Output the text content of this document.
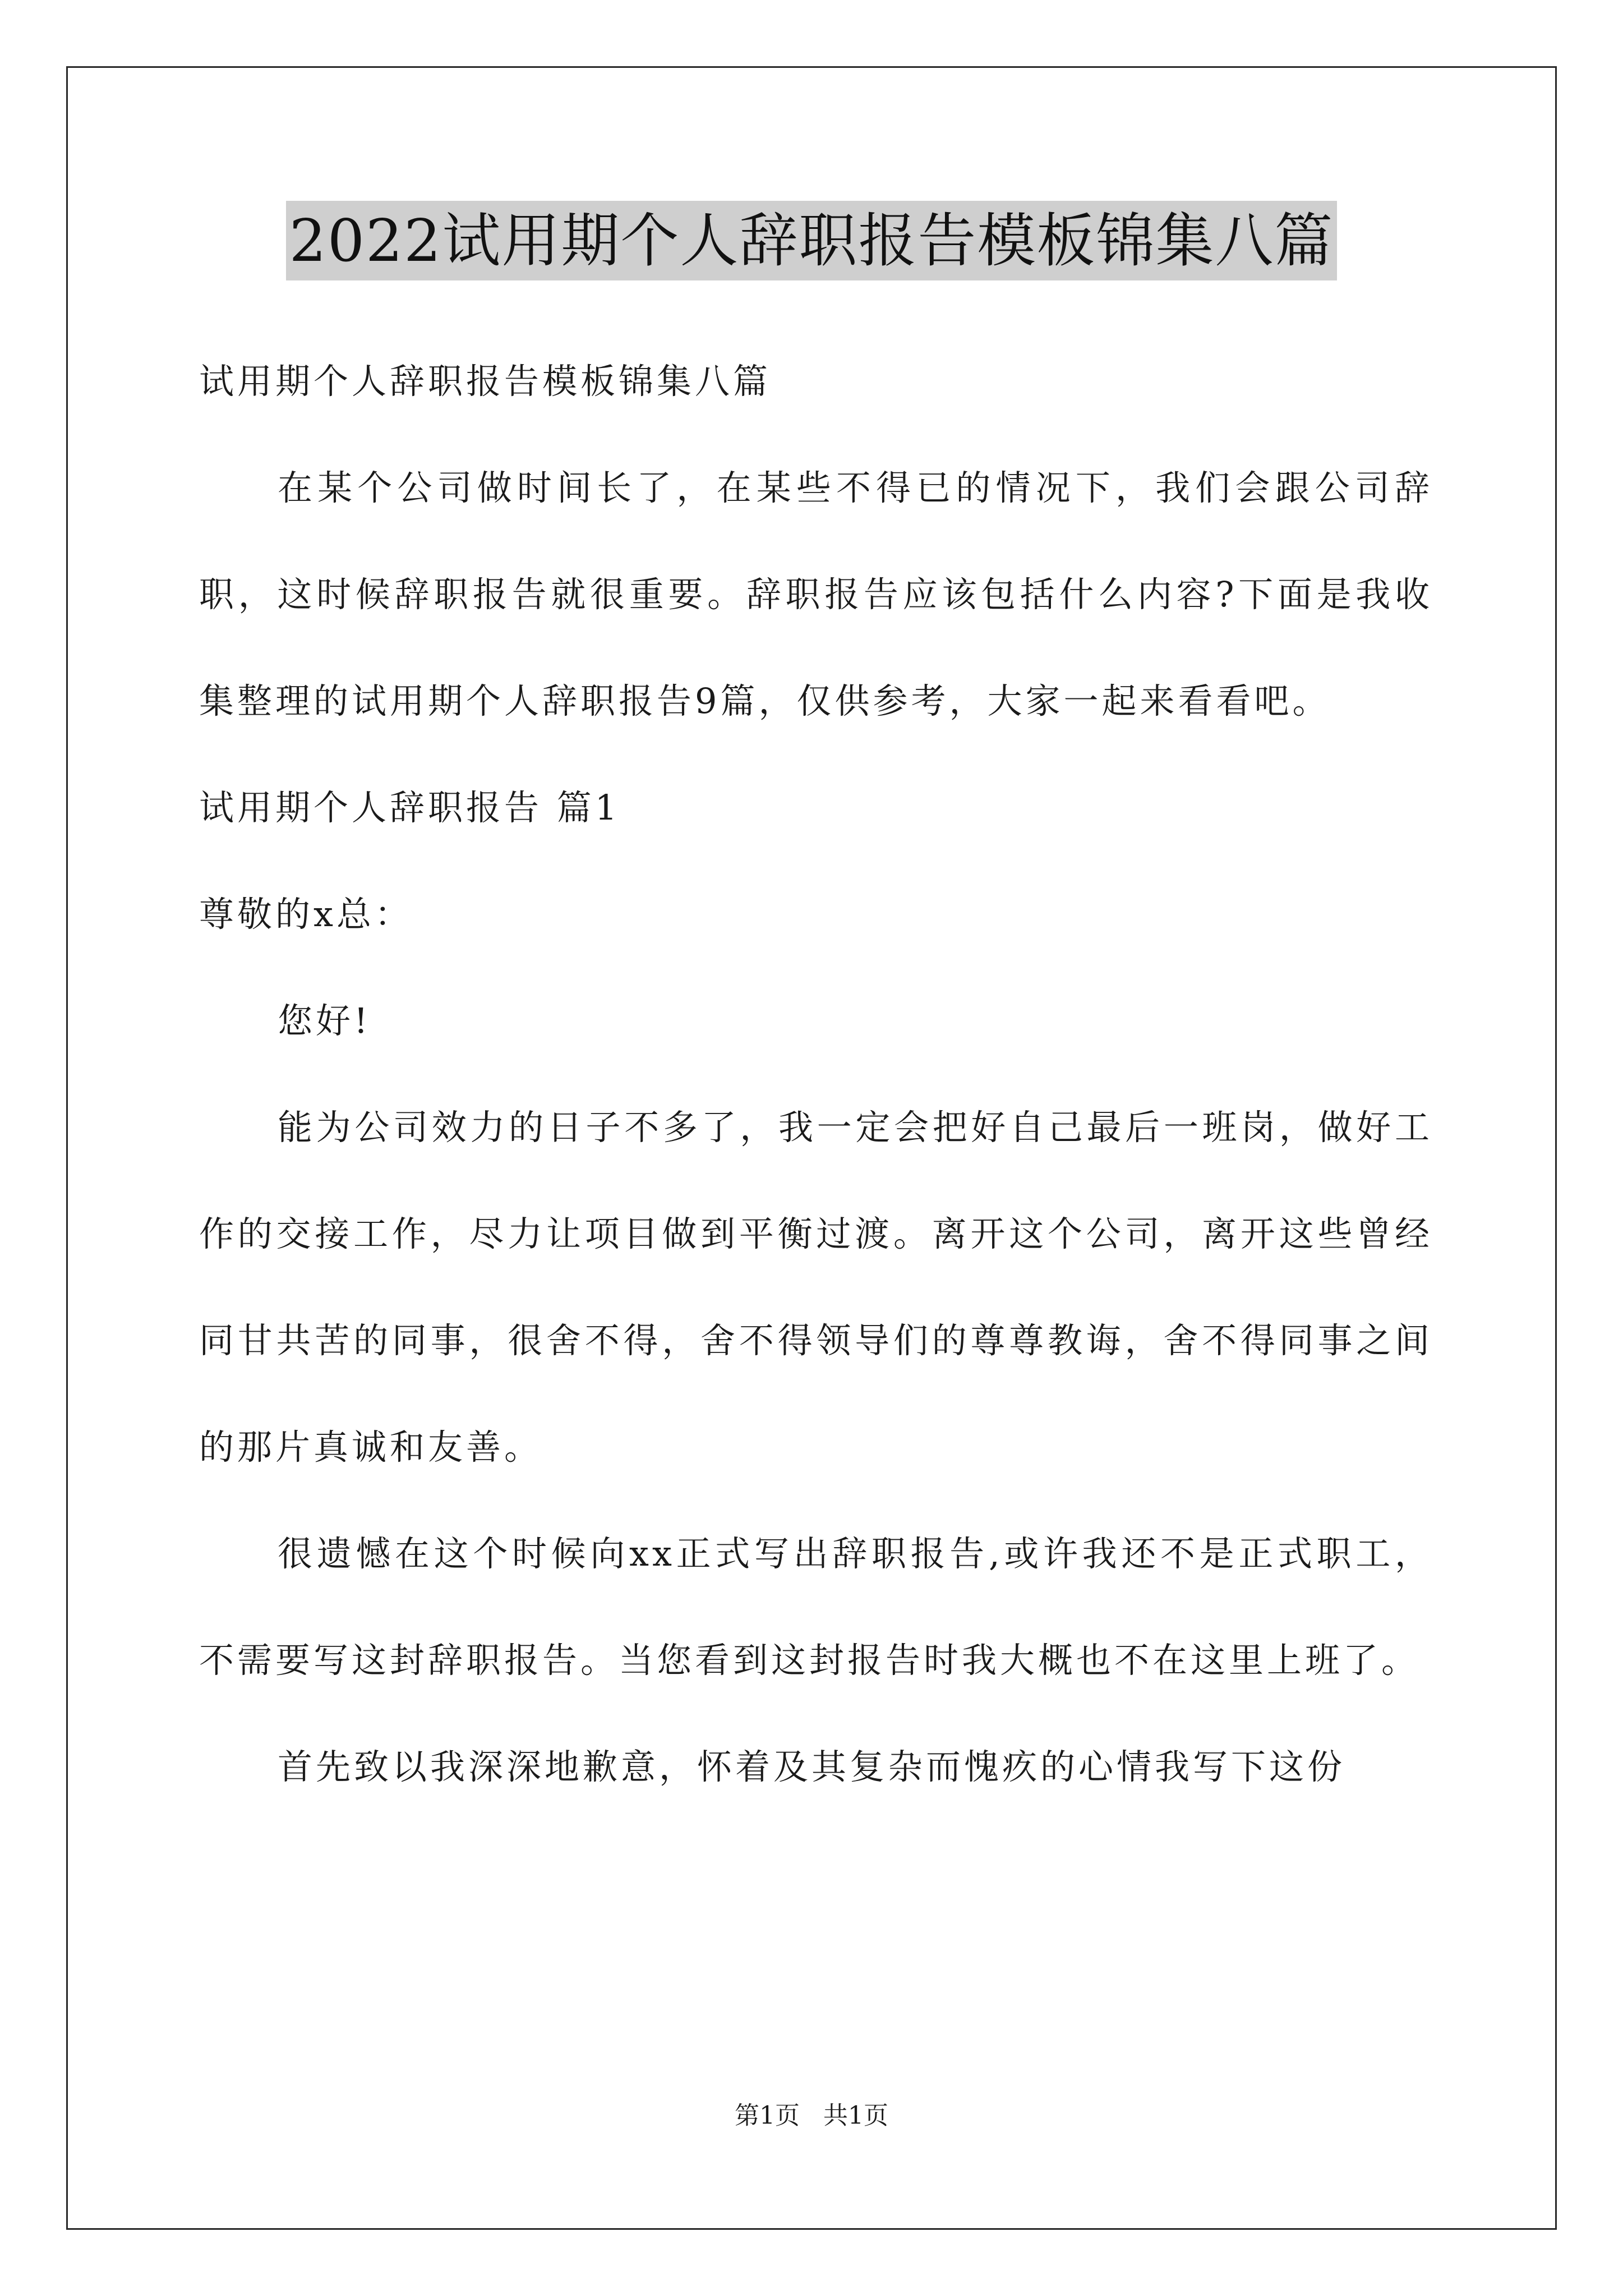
2022试用期个人辞职报告模板锦集八篇

试用期个人辞职报告模板锦集八篇

在某个公司做时间长了，在某些不得已的情况下，我们会跟公司辞职，这时候辞职报告就很重要。辞职报告应该包括什么内容?下面是我收集整理的试用期个人辞职报告9篇，仅供参考，大家一起来看看吧。

试用期个人辞职报告 篇1

尊敬的x总：

您好!

能为公司效力的日子不多了，我一定会把好自己最后一班岗，做好工作的交接工作，尽力让项目做到平衡过渡。离开这个公司，离开这些曾经同甘共苦的同事，很舍不得，舍不得领导们的尊尊教诲，舍不得同事之间的那片真诚和友善。

很遗憾在这个时候向xx正式写出辞职报告,或许我还不是正式职工，不需要写这封辞职报告。当您看到这封报告时我大概也不在这里上班了。

首先致以我深深地歉意，怀着及其复杂而愧疚的心情我写下这份

第1页   共1页
